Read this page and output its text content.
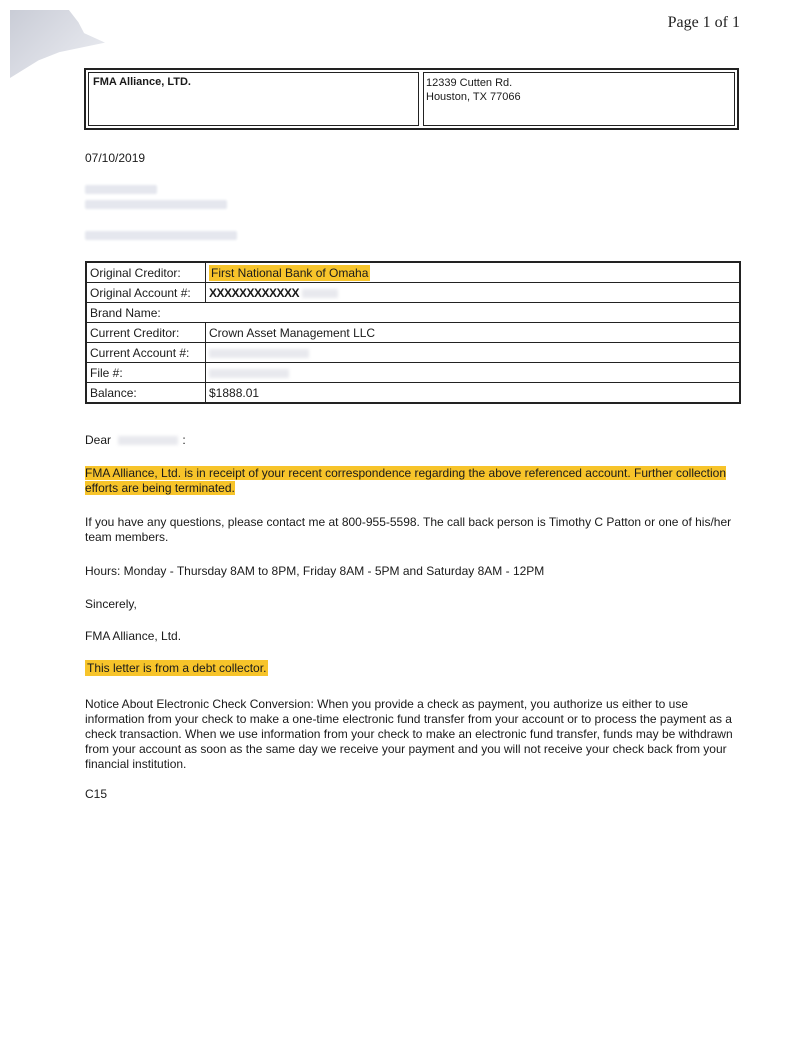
Page 1 of 1
FMA Alliance, LTD.	12339 Cutten Rd.
Houston, TX 77066
07/10/2019
Original Creditor:	First National Bank of Omaha
Original Account #:	XXXXXXXXXXXX
Brand Name:	
Current Creditor:	Crown Asset Management LLC
Current Account #:	
File #:	
Balance:	$1888.01
Dear	:
FMA Alliance, Ltd. is in receipt of your recent correspondence regarding the above referenced account. Further collection efforts are being terminated.
If you have any questions, please contact me at 800-955-5598. The call back person is Timothy C Patton or one of his/her team members.
Hours: Monday - Thursday 8AM to 8PM, Friday 8AM - 5PM and Saturday 8AM - 12PM
Sincerely,
FMA Alliance, Ltd.
This letter is from a debt collector.
Notice About Electronic Check Conversion: When you provide a check as payment, you authorize us either to use information from your check to make a one-time electronic fund transfer from your account or to process the payment as a check transaction. When we use information from your check to make an electronic fund transfer, funds may be withdrawn from your account as soon as the same day we receive your payment and you will not receive your check back from your financial institution.
C15
